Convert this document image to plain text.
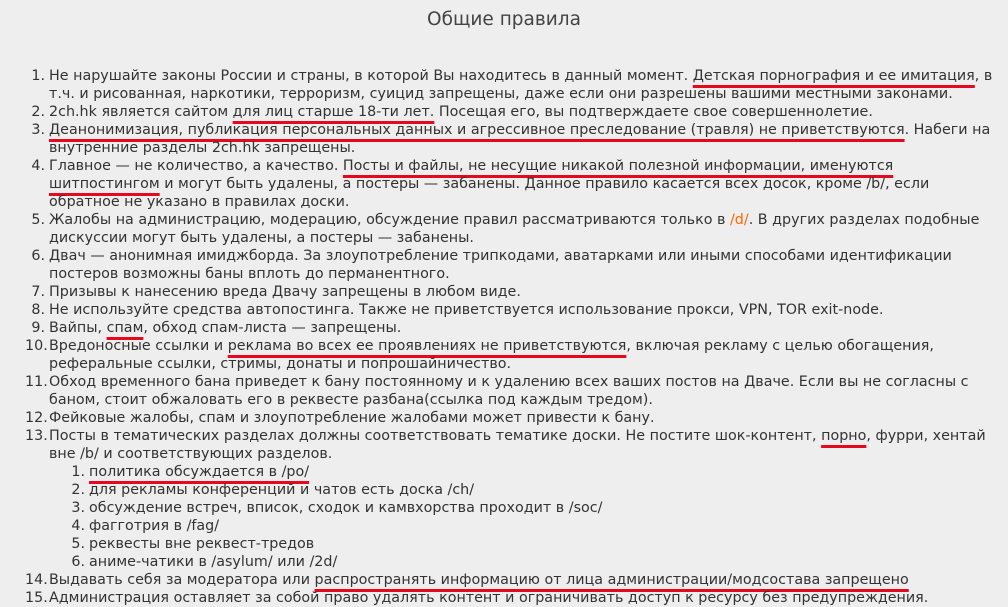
Общие правила
1. Не нарушайте законы России и страны, в которой Вы находитесь в данный момент. Детская порнография и ее имитация, в т.ч. и рисованная, наркотики, терроризм, суицид запрещены, даже если они разрешены вашими местными законами.
2. 2ch.hk является сайтом для лиц старше 18-ти лет. Посещая его, вы подтверждаете свое совершеннолетие.
3. Деанонимизация, публикация персональных данных и агрессивное преследование (травля) не приветствуются. Набеги на внутренние разделы 2ch.hk запрещены.
4. Главное — не количество, а качество. Посты и файлы, не несущие никакой полезной информации, именуются шитпостингом и могут быть удалены, а постеры — забанены. Данное правило касается всех досок, кроме /b/, если обратное не указано в правилах доски.
5. Жалобы на администрацию, модерацию, обсуждение правил рассматриваются только в /d/. В других разделах подобные дискуссии могут быть удалены, а постеры — забанены.
6. Двач — анонимная имиджборда. За злоупотребление трипкодами, аватарками или иными способами идентификации постеров возможны баны вплоть до перманентного.
7. Призывы к нанесению вреда Двачу запрещены в любом виде.
8. Не используйте средства автопостинга. Также не приветствуется использование прокси, VPN, TOR exit-node.
9. Вайпы, спам, обход спам-листа — запрещены.
10. Вредоносные ссылки и реклама во всех ее проявлениях не приветствуются, включая рекламу с целью обогащения, реферальные ссылки, стримы, донаты и попрошайничество.
11. Обход временного бана приведет к бану постоянному и к удалению всех ваших постов на Дваче. Если вы не согласны с баном, стоит обжаловать его в реквесте разбана(ссылка под каждым тредом).
12. Фейковые жалобы, спам и злоупотребление жалобами может привести к бану.
13. Посты в тематических разделах должны соответствовать тематике доски. Не постите шок-контент, порно, фурри, хентай вне /b/ и соответствующих разделов.
1. политика обсуждается в /po/
2. для рекламы конференций и чатов есть доска /ch/
3. обсуждение встреч, вписок, сходок и камвхорства проходит в /soc/
4. фагготрия в /fag/
5. реквесты вне реквест-тредов
6. аниме-чатики в /asylum/ или /2d/
14. Выдавать себя за модератора или распространять информацию от лица администрации/модсостава запрещено
15. Администрация оставляет за собой право удалять контент и ограничивать доступ к ресурсу без предупреждения.
